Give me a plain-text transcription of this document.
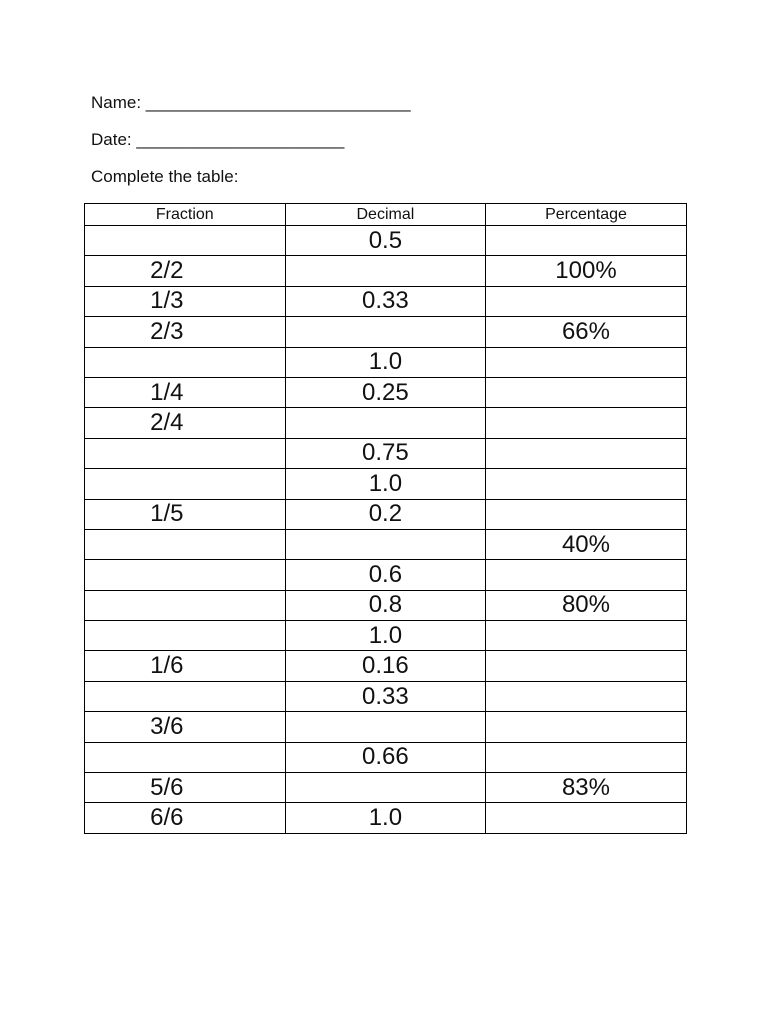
Name: ____________________________
Date: ______________________
Complete the table:
Fraction	Decimal	Percentage
	0.5	
2/2		100%
1/3	0.33	
2/3		66%
	1.0	
1/4	0.25	
2/4		
	0.75	
	1.0	
1/5	0.2	
		40%
	0.6	
	0.8	80%
	1.0	
1/6	0.16	
	0.33	
3/6		
	0.66	
5/6		83%
6/6	1.0	
